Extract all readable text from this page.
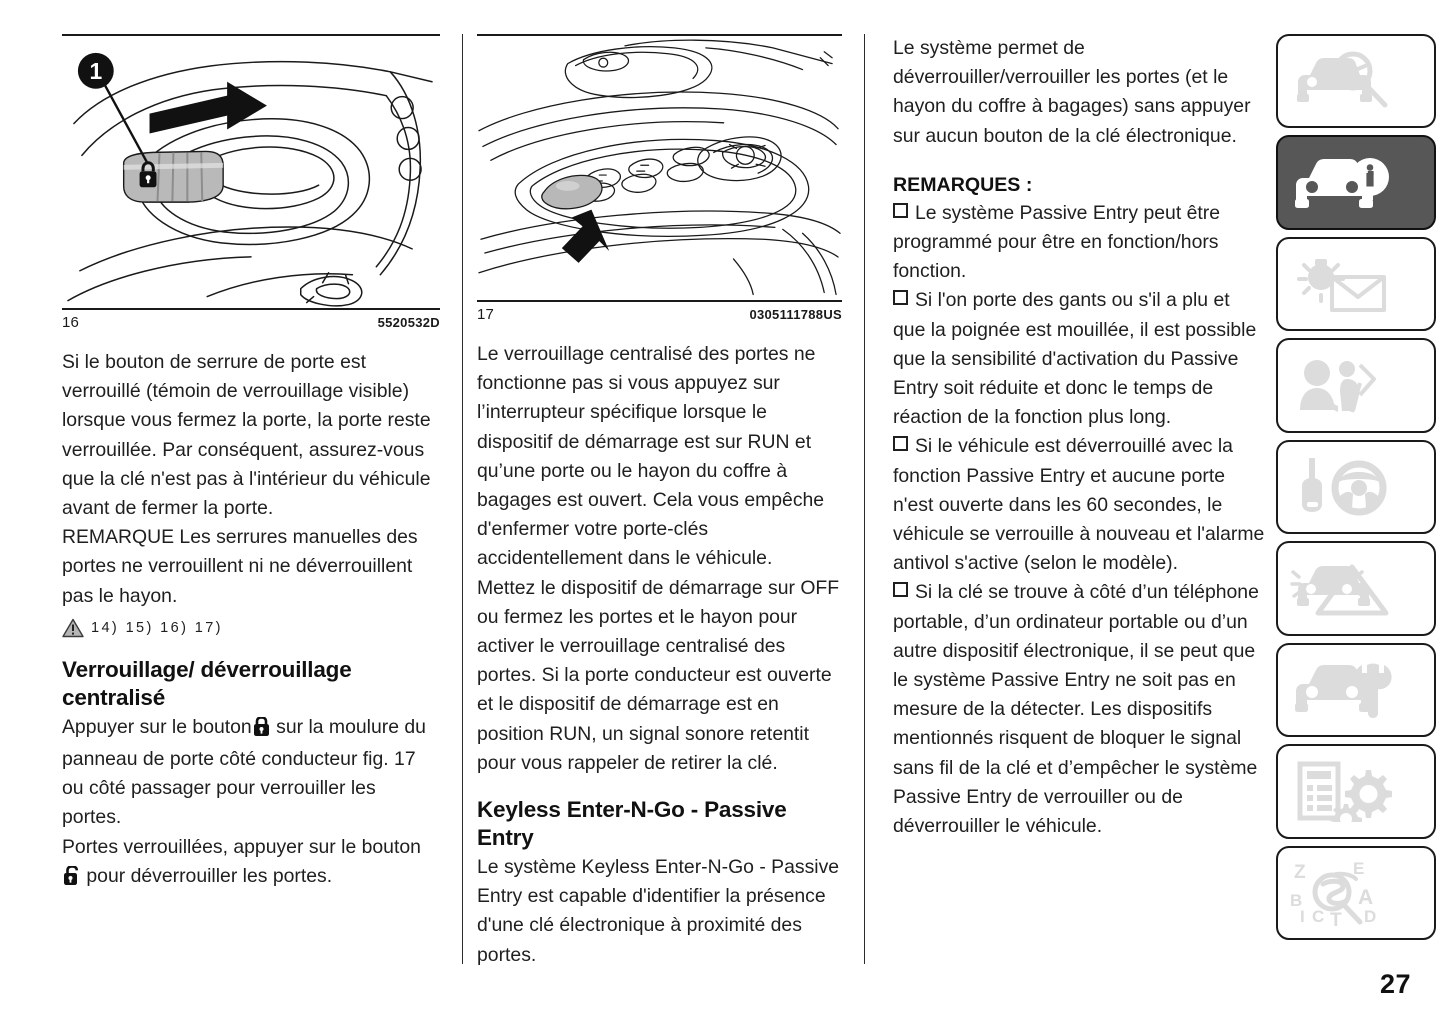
1
16	5520532D

Si le bouton de serrure de porte est verrouillé (témoin de verrouillage visible) lorsque vous fermez la porte, la porte reste verrouillée. Par conséquent, assurez-vous que la clé n'est pas à l'intérieur du véhicule avant de fermer la porte.

REMARQUE Les serrures manuelles des portes ne verrouillent ni ne déverrouillent pas le hayon.

14) 15) 16) 17)
Verrouillage/ déverrouillage centralisé

Appuyer sur le bouton sur la moulure du panneau de porte côté conducteur fig. 17 ou côté passager pour verrouiller les portes.

Portes verrouillées, appuyer sur le bouton  pour déverrouiller les portes.

17	0305111788US

Le verrouillage centralisé des portes ne fonctionne pas si vous appuyez sur l’interrupteur spécifique lorsque le dispositif de démarrage est sur RUN et qu’une porte ou le hayon du coffre à bagages est ouvert. Cela vous empêche d'enfermer votre porte-clés accidentellement dans le véhicule.

Mettez le dispositif de démarrage sur OFF ou fermez les portes et le hayon pour activer le verrouillage centralisé des portes. Si la porte conducteur est ouverte et le dispositif de démarrage est en position RUN, un signal sonore retentit pour vous rappeler de retirer la clé.

Keyless Enter-N-Go - Passive Entry

Le système Keyless Enter-N-Go - Passive Entry est capable d'identifier la présence d'une clé électronique à proximité des portes.

Le système permet de déverrouiller/verrouiller les portes (et le hayon du coffre à bagages) sans appuyer sur aucun bouton de la clé électronique.

REMARQUES :

Le système Passive Entry peut être programmé pour être en fonction/hors fonction.

Si l'on porte des gants ou s'il a plu et que la poignée est mouillée, il est possible que la sensibilité d'activation du Passive Entry soit réduite et donc le temps de réaction de la fonction plus long.

Si le véhicule est déverrouillé avec la fonction Passive Entry et aucune porte n'est ouverte dans les 60 secondes, le véhicule se verrouille à nouveau et l'alarme antivol s'active (selon le modèle).

Si la clé se trouve à côté d’un téléphone portable, d’un ordinateur portable ou d’un autre dispositif électronique, il se peut que le système Passive Entry ne soit pas en mesure de la détecter. Les dispositifs mentionnés risquent de bloquer le signal sans fil de la clé et d’empêcher le système Passive Entry de verrouiller ou de déverrouiller le véhicule.

Z
B
I C T
E
A
D
27
